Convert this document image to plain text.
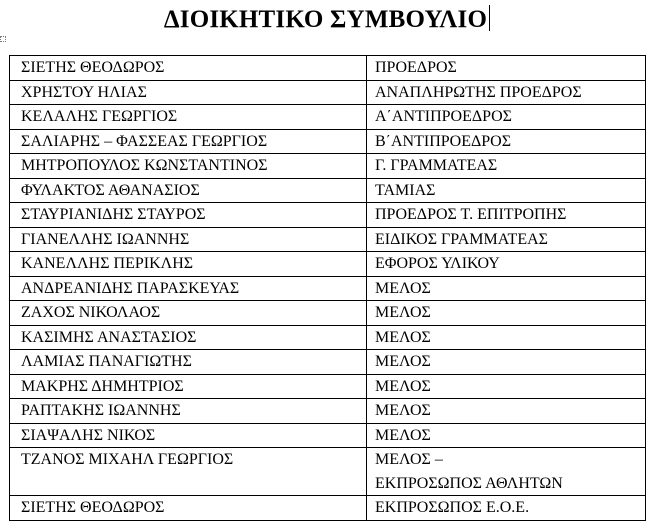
ΔΙΟΙΚΗΤΙΚΟ ΣΥΜΒΟΥΛΙΟ
ΣΙΕΤΗΣ ΘΕΟΔΩΡΟΣ	ΠΡΟΕΔΡΟΣ

ΧΡΗΣΤΟΥ ΗΛΙΑΣ	ΑΝΑΠΛΗΡΩΤΗΣ ΠΡΟΕΔΡΟΣ

ΚΕΛΑΛΗΣ ΓΕΩΡΓΙΟΣ	Α΄ΑΝΤΙΠΡΟΕΔΡΟΣ

ΣΑΛΙΑΡΗΣ – ΦΑΣΣΕΑΣ ΓΕΩΡΓΙΟΣ	Β΄ΑΝΤΙΠΡΟΕΔΡΟΣ

ΜΗΤΡΟΠΟΥΛΟΣ ΚΩΝΣΤΑΝΤΙΝΟΣ	Γ. ΓΡΑΜΜΑΤΕΑΣ

ΦΥΛΑΚΤΟΣ ΑΘΑΝΑΣΙΟΣ	ΤΑΜΙΑΣ

ΣΤΑΥΡΙΑΝΙΔΗΣ ΣΤΑΥΡΟΣ	ΠΡΟΕΔΡΟΣ Τ. ΕΠΙΤΡΟΠΗΣ

ΓΙΑΝΕΛΛΗΣ ΙΩΑΝΝΗΣ	ΕΙΔΙΚΟΣ ΓΡΑΜΜΑΤΕΑΣ

ΚΑΝΕΛΛΗΣ ΠΕΡΙΚΛΗΣ	ΕΦΟΡΟΣ ΥΛΙΚΟΥ

ΑΝΔΡΕΑΝΙΔΗΣ ΠΑΡΑΣΚΕΥΑΣ	ΜΕΛΟΣ

ΖΑΧΟΣ ΝΙΚΟΛΑΟΣ	ΜΕΛΟΣ

ΚΑΣΙΜΗΣ ΑΝΑΣΤΑΣΙΟΣ	ΜΕΛΟΣ

ΛΑΜΙΑΣ ΠΑΝΑΓΙΩΤΗΣ	ΜΕΛΟΣ

ΜΑΚΡΗΣ ΔΗΜΗΤΡΙΟΣ	ΜΕΛΟΣ

ΡΑΠΤΑΚΗΣ ΙΩΑΝΝΗΣ	ΜΕΛΟΣ

ΣΙΑΨΑΛΗΣ ΝΙΚΟΣ	ΜΕΛΟΣ

ΤΖΑΝΟΣ ΜΙΧΑΗΛ ΓΕΩΡΓΙΟΣ	ΜΕΛΟΣ –
ΕΚΠΡΟΣΩΠΟΣ ΑΘΛΗΤΩΝ

ΣΙΕΤΗΣ ΘΕΟΔΩΡΟΣ	ΕΚΠΡΟΣΩΠΟΣ Ε.Ο.Ε.
